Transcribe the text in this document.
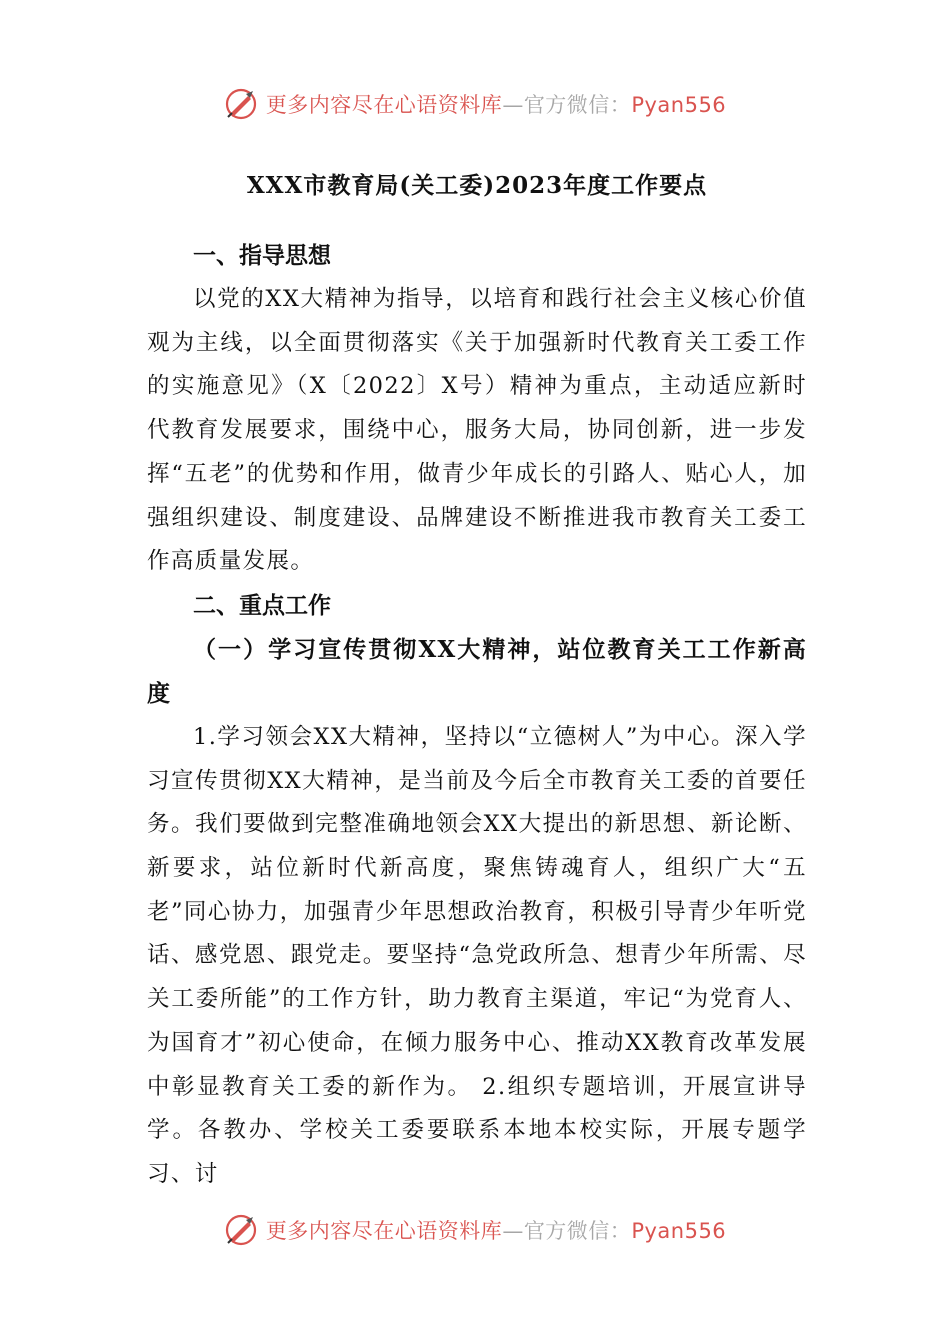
更多内容尽在心语资料库—官方微信：Pyan556
XXX市教育局(关工委)2023年度工作要点

一、指导思想

以党的XX大精神为指导，以培育和践行社会主义核心价值观为主线，以全面贯彻落实《关于加强新时代教育关工委工作的实施意见》（X〔2022〕X号）精神为重点，主动适应新时代教育发展要求，围绕中心，服务大局，协同创新，进一步发挥“五老”的优势和作用，做青少年成长的引路人、贴心人，加强组织建设、制度建设、品牌建设不断推进我市教育关工委工作高质量发展。

二、重点工作

（一）学习宣传贯彻XX大精神，站位教育关工工作新高度

1.学习领会XX大精神，坚持以“立德树人”为中心。深入学习宣传贯彻XX大精神，是当前及今后全市教育关工委的首要任务。我们要做到完整准确地领会XX大提出的新思想、新论断、新要求，站位新时代新高度，聚焦铸魂育人，组织广大“五老”同心协力，加强青少年思想政治教育，积极引导青少年听党话、感党恩、跟党走。要坚持“急党政所急、想青少年所需、尽关工委所能”的工作方针，助力教育主渠道，牢记“为党育人、为国育才”初心使命，在倾力服务中心、推动XX教育改革发展中彰显教育关工委的新作为。 2.组织专题培训，开展宣讲导学。各教办、学校关工委要联系本地本校实际，开展专题学习、讨

更多内容尽在心语资料库—官方微信：Pyan556
